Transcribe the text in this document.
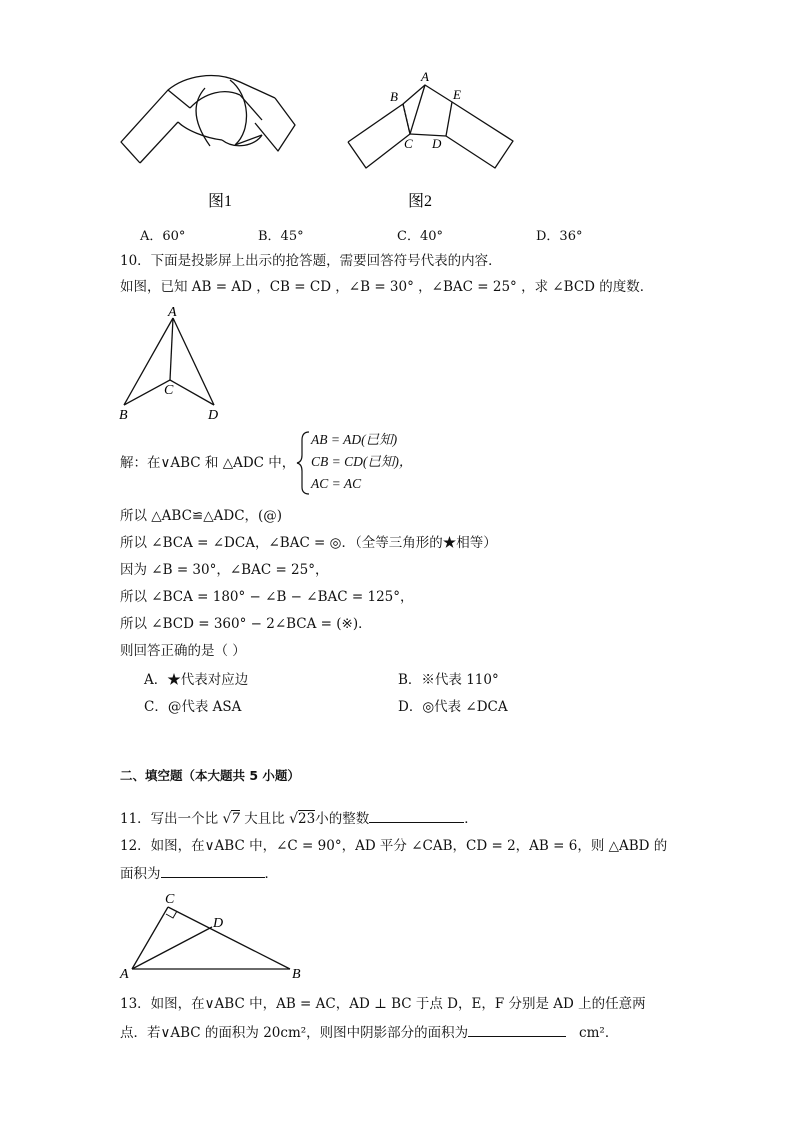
图1
A
B
C D
E
图2
A．60°	B．45°	C．40°	D．36°
10．下面是投影屏上出示的抢答题，需要回答符号代表的内容．
如图，已知 AB = AD ，CB = CD ，∠B = 30° ，∠BAC = 25° ，求 ∠BCD 的度数．
A
B
C
D
解：在∨ABC 和 △ADC 中，
AB = AD(已知)
CB = CD(已知)，
AC = AC
所以 △ABC≌△ADC，(@)
所以 ∠BCA = ∠DCA，∠BAC = ◎．（全等三角形的★相等）
因为 ∠B = 30°，∠BAC = 25°，
所以 ∠BCA = 180° − ∠B − ∠BAC = 125°，
所以 ∠BCD = 360° − 2∠BCA = (※)．
则回答正确的是（ ）
A．★代表对应边	B．※代表 110°
C．@代表 ASA	D．◎代表 ∠DCA
二、填空题（本大题共 5 小题）
11．写出一个比 √7 大且比 √23小的整数	．
12．如图，在∨ABC 中，∠C = 90°，AD 平分 ∠CAB，CD = 2，AB = 6，则 △ABD 的
面积为	．
C
D
A	B
13．如图，在∨ABC 中，AB = AC，AD ⊥ BC 于点 D，E，F 分别是 AD 上的任意两
点．若∨ABC 的面积为 20cm²，则图中阴影部分的面积为	cm²．
